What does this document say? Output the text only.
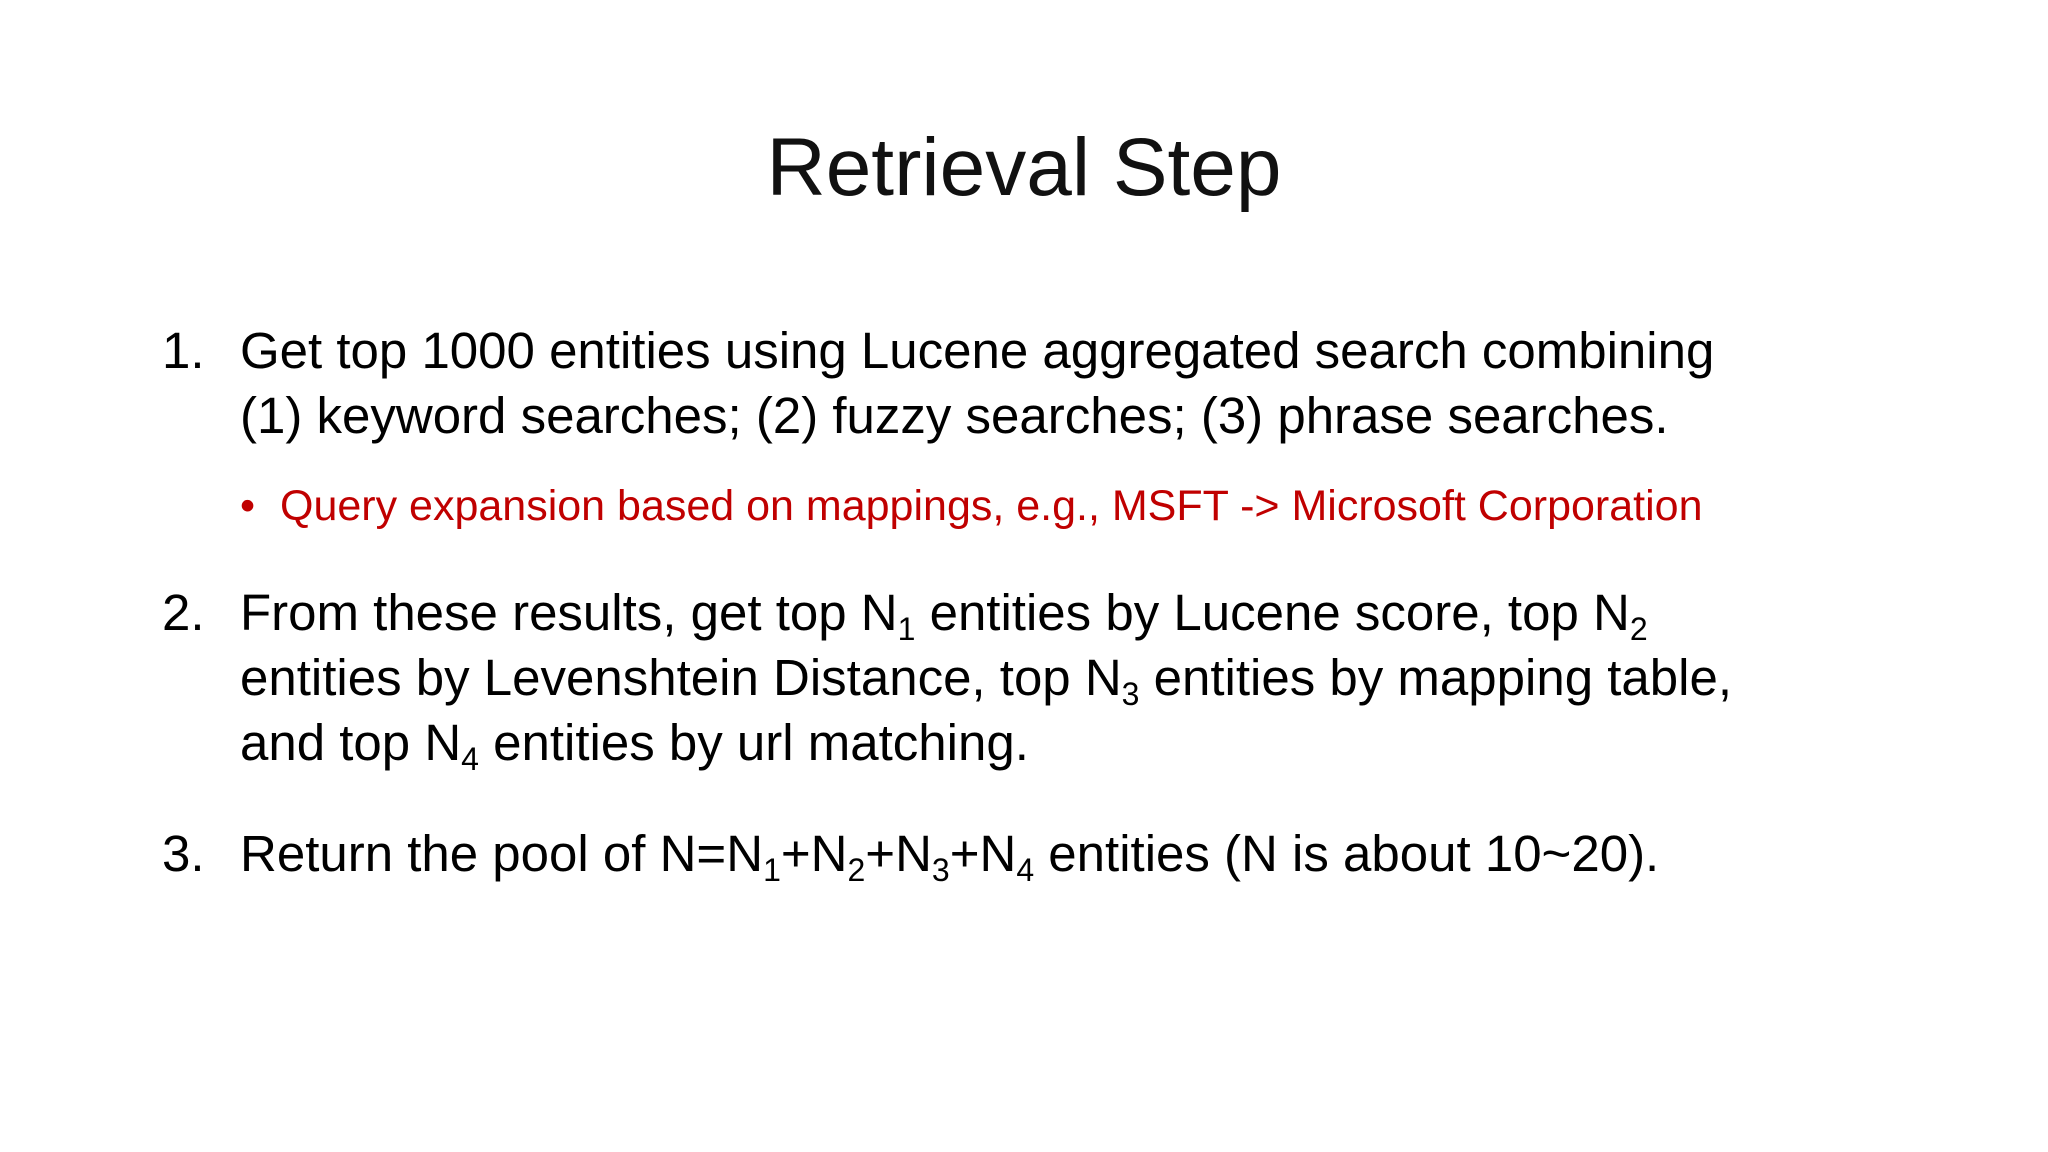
Retrieval Step
1. Get top 1000 entities using Lucene aggregated search combining
(1) keyword searches; (2) fuzzy searches; (3) phrase searches.
• Query expansion based on mappings, e.g., MSFT -> Microsoft Corporation
2. From these results, get top $N_1$ entities by Lucene score, top $N_2$
entities by Levenshtein Distance, top $N_3$ entities by mapping table,
and top $N_4$ entities by url matching.
3. Return the pool of $N=N_1+N_2+N_3+N_4$ entities (N is about 10~20).
